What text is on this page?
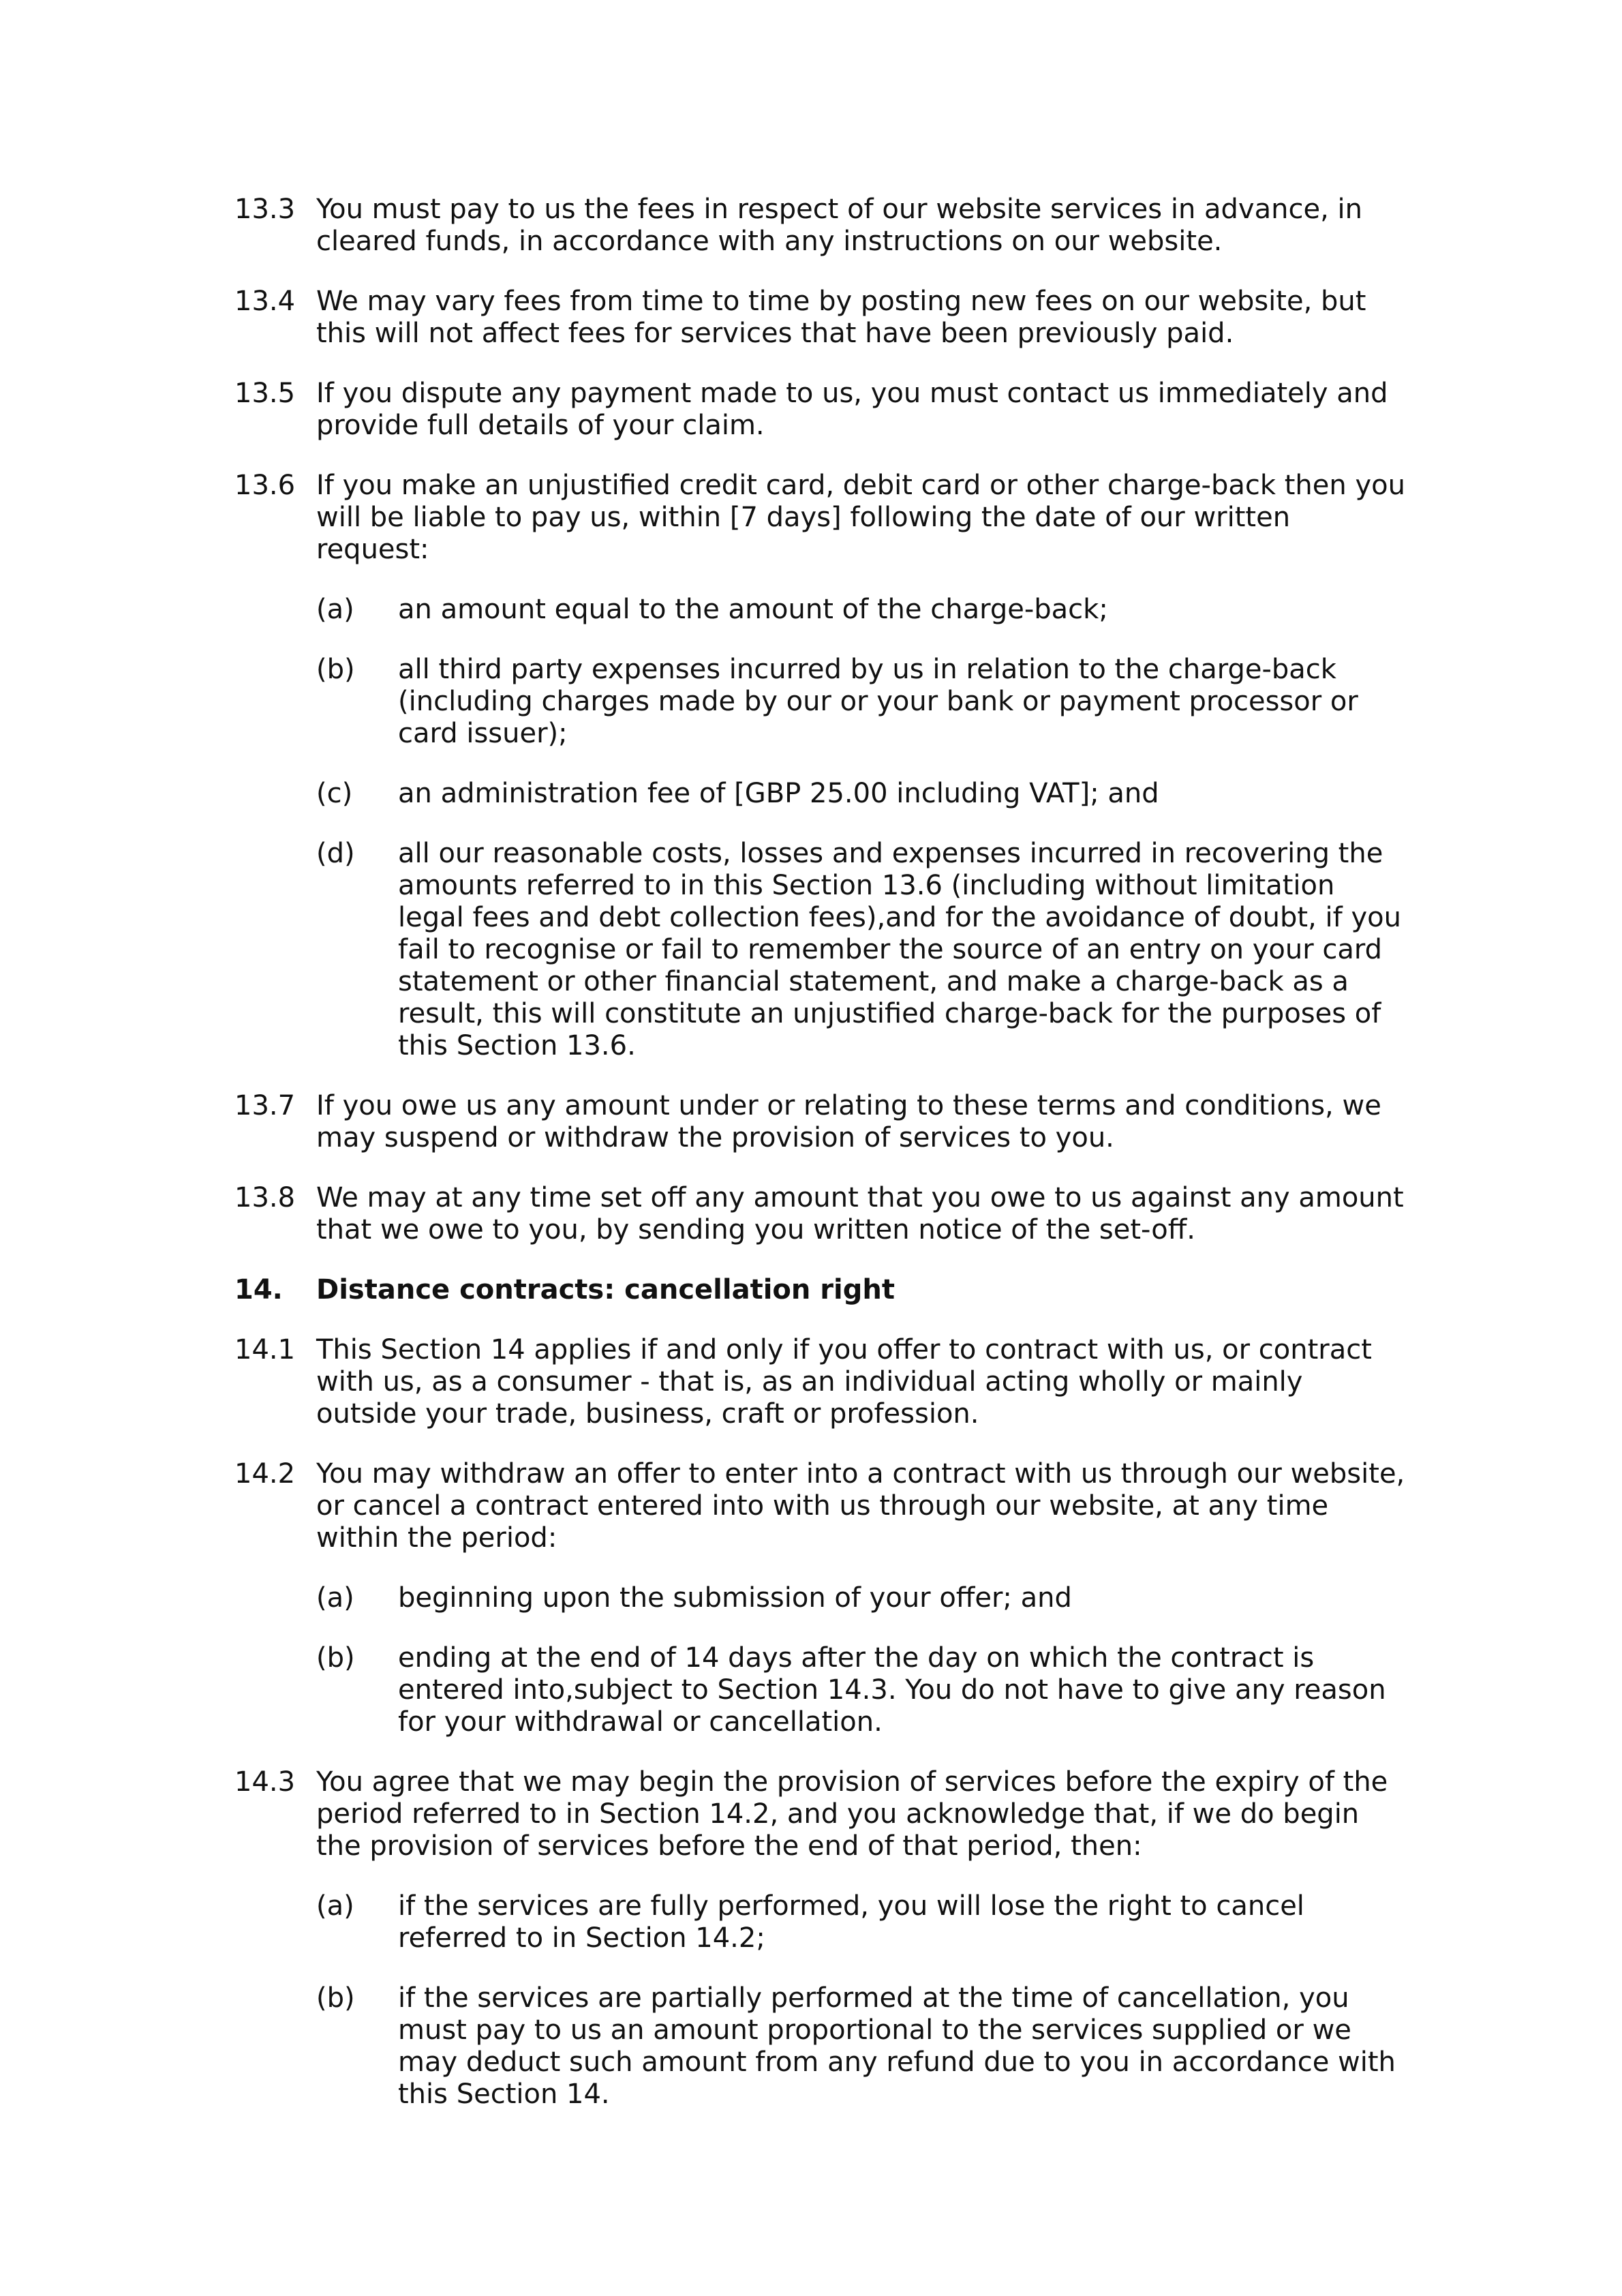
13.3 You must pay to us the fees in respect of our website services in advance, in cleared funds, in accordance with any instructions on our website.
13.4 We may vary fees from time to time by posting new fees on our website, but this will not affect fees for services that have been previously paid.
13.5 If you dispute any payment made to us, you must contact us immediately and provide full details of your claim.
13.6 If you make an unjustified credit card, debit card or other charge-back then you will be liable to pay us, within [7 days] following the date of our written request:
(a) an amount equal to the amount of the charge-back;
(b) all third party expenses incurred by us in relation to the charge-back (including charges made by our or your bank or payment processor or card issuer);
(c) an administration fee of [GBP 25.00 including VAT]; and
(d) all our reasonable costs, losses and expenses incurred in recovering the amounts referred to in this Section 13.6 (including without limitation legal fees and debt collection fees),and for the avoidance of doubt, if you fail to recognise or fail to remember the source of an entry on your card statement or other financial statement, and make a charge-back as a result, this will constitute an unjustified charge-back for the purposes of this Section 13.6.
13.7 If you owe us any amount under or relating to these terms and conditions, we may suspend or withdraw the provision of services to you.
13.8 We may at any time set off any amount that you owe to us against any amount that we owe to you, by sending you written notice of the set-off.
14. Distance contracts: cancellation right
14.1 This Section 14 applies if and only if you offer to contract with us, or contract with us, as a consumer - that is, as an individual acting wholly or mainly outside your trade, business, craft or profession.
14.2 You may withdraw an offer to enter into a contract with us through our website, or cancel a contract entered into with us through our website, at any time within the period:
(a) beginning upon the submission of your offer; and
(b) ending at the end of 14 days after the day on which the contract is entered into,subject to Section 14.3. You do not have to give any reason for your withdrawal or cancellation.
14.3 You agree that we may begin the provision of services before the expiry of the period referred to in Section 14.2, and you acknowledge that, if we do begin the provision of services before the end of that period, then:
(a) if the services are fully performed, you will lose the right to cancel referred to in Section 14.2;
(b) if the services are partially performed at the time of cancellation, you must pay to us an amount proportional to the services supplied or we may deduct such amount from any refund due to you in accordance with this Section 14.
